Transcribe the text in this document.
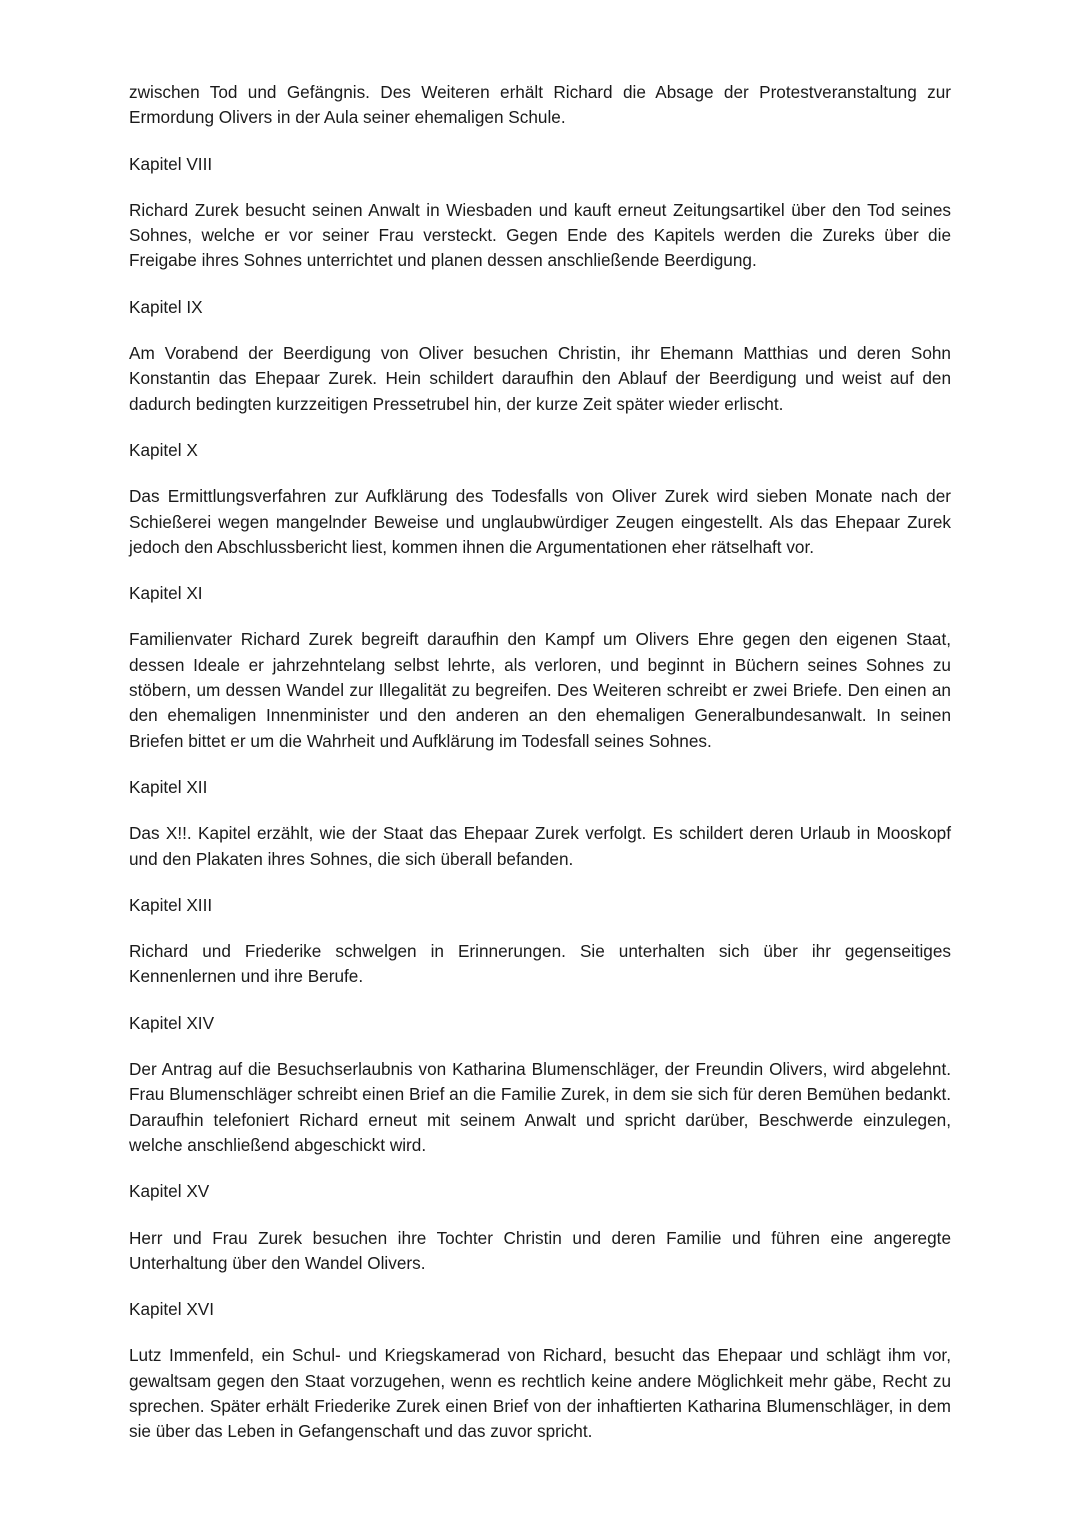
zwischen Tod und Gefängnis. Des Weiteren erhält Richard die Absage der Protestveranstaltung zur Ermordung Olivers in der Aula seiner ehemaligen Schule.

Kapitel VIII

Richard Zurek besucht seinen Anwalt in Wiesbaden und kauft erneut Zeitungsartikel über den Tod seines Sohnes, welche er vor seiner Frau versteckt. Gegen Ende des Kapitels werden die Zureks über die Freigabe ihres Sohnes unterrichtet und planen dessen anschließende Beerdigung.

Kapitel IX

Am Vorabend der Beerdigung von Oliver besuchen Christin, ihr Ehemann Matthias und deren Sohn Konstantin das Ehepaar Zurek. Hein schildert daraufhin den Ablauf der Beerdigung und weist auf den dadurch bedingten kurzzeitigen Pressetrubel hin, der kurze Zeit später wieder erlischt.

Kapitel X

Das Ermittlungsverfahren zur Aufklärung des Todesfalls von Oliver Zurek wird sieben Monate nach der Schießerei wegen mangelnder Beweise und unglaubwürdiger Zeugen eingestellt. Als das Ehepaar Zurek jedoch den Abschlussbericht liest, kommen ihnen die Argumentationen eher rätselhaft vor.

Kapitel XI

Familienvater Richard Zurek begreift daraufhin den Kampf um Olivers Ehre gegen den eigenen Staat, dessen Ideale er jahrzehntelang selbst lehrte, als verloren, und beginnt in Büchern seines Sohnes zu stöbern, um dessen Wandel zur Illegalität zu begreifen. Des Weiteren schreibt er zwei Briefe. Den einen an den ehemaligen Innenminister und den anderen an den ehemaligen Generalbundesanwalt. In seinen Briefen bittet er um die Wahrheit und Aufklärung im Todesfall seines Sohnes.

Kapitel XII

Das X!!. Kapitel erzählt, wie der Staat das Ehepaar Zurek verfolgt. Es schildert deren Urlaub in Mooskopf und den Plakaten ihres Sohnes, die sich überall befanden.

Kapitel XIII

Richard und Friederike schwelgen in Erinnerungen. Sie unterhalten sich über ihr gegenseitiges Kennenlernen und ihre Berufe.

Kapitel XIV

Der Antrag auf die Besuchserlaubnis von Katharina Blumenschläger, der Freundin Olivers, wird abgelehnt. Frau Blumenschläger schreibt einen Brief an die Familie Zurek, in dem sie sich für deren Bemühen bedankt. Daraufhin telefoniert Richard erneut mit seinem Anwalt und spricht darüber, Beschwerde einzulegen, welche anschließend abgeschickt wird.

Kapitel XV

Herr und Frau Zurek besuchen ihre Tochter Christin und deren Familie und führen eine angeregte Unterhaltung über den Wandel Olivers.

Kapitel XVI

Lutz Immenfeld, ein Schul- und Kriegskamerad von Richard, besucht das Ehepaar und schlägt ihm vor, gewaltsam gegen den Staat vorzugehen, wenn es rechtlich keine andere Möglichkeit mehr gäbe, Recht zu sprechen. Später erhält Friederike Zurek einen Brief von der inhaftierten Katharina Blumenschläger, in dem sie über das Leben in Gefangenschaft und das zuvor spricht.
